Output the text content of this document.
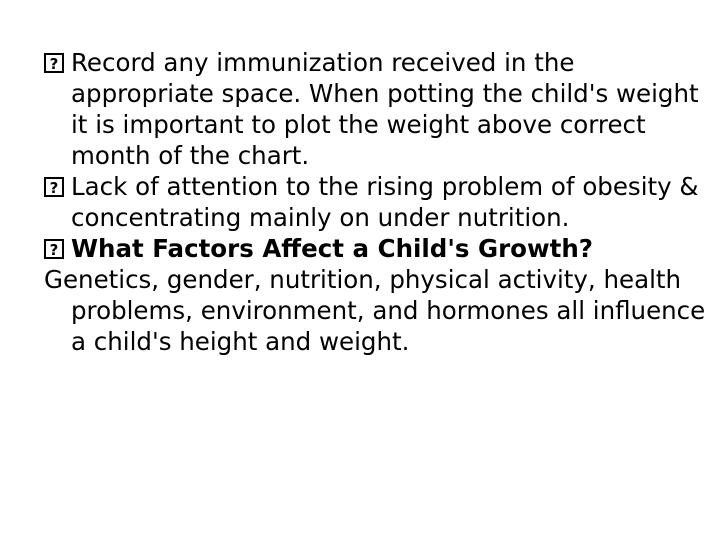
?Record any immunization received in the appropriate space. When potting the child's weight it is important to plot the weight above correct month of the chart.

?Lack of attention to the rising problem of obesity & concentrating mainly on under nutrition.

?What Factors Affect a Child's Growth?

Genetics, gender, nutrition, physical activity, health problems, environment, and hormones all influence a child's height and weight.
